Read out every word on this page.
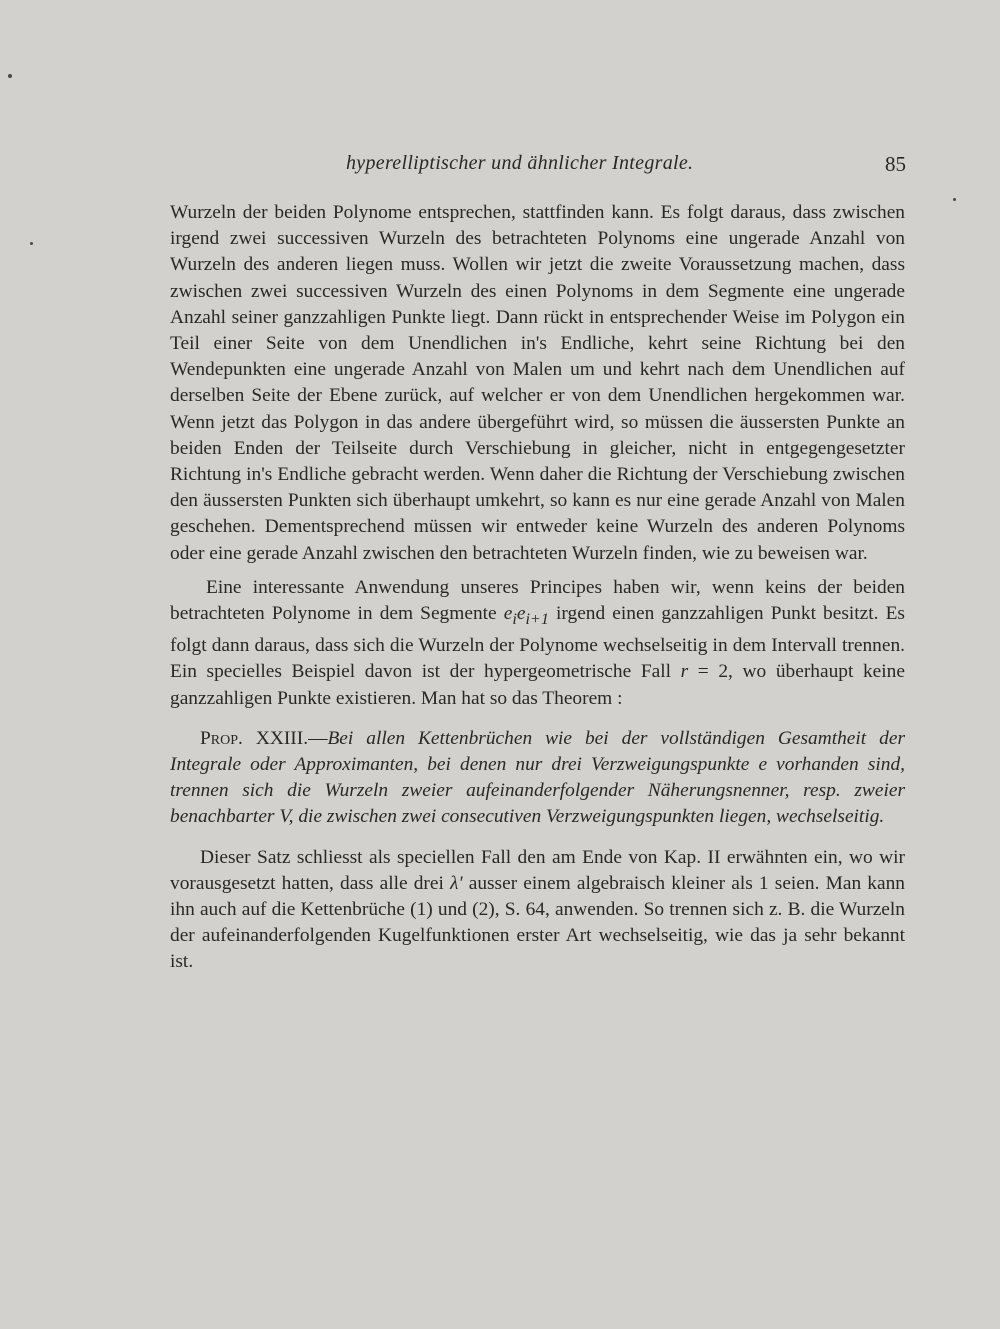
hyperelliptischer und ähnlicher Integrale.	85

Wurzeln der beiden Polynome entsprechen, stattfinden kann. Es folgt daraus, dass zwischen irgend zwei successiven Wurzeln des betrachteten Polynoms eine ungerade Anzahl von Wurzeln des anderen liegen muss. Wollen wir jetzt die zweite Voraussetzung machen, dass zwischen zwei successiven Wurzeln des einen Polynoms in dem Segmente eine ungerade Anzahl seiner ganzzahligen Punkte liegt. Dann rückt in entsprechender Weise im Polygon ein Teil einer Seite von dem Unendlichen in's Endliche, kehrt seine Richtung bei den Wendepunkten eine ungerade Anzahl von Malen um und kehrt nach dem Unendlichen auf derselben Seite der Ebene zurück, auf welcher er von dem Unendlichen hergekommen war. Wenn jetzt das Polygon in das andere übergeführt wird, so müssen die äussersten Punkte an beiden Enden der Teilseite durch Verschiebung in gleicher, nicht in entgegengesetzter Richtung in's Endliche gebracht werden. Wenn daher die Richtung der Verschiebung zwischen den äussersten Punkten sich überhaupt umkehrt, so kann es nur eine gerade Anzahl von Malen geschehen. Dementsprechend müssen wir entweder keine Wurzeln des anderen Polynoms oder eine gerade Anzahl zwischen den betrachteten Wurzeln finden, wie zu beweisen war.

Eine interessante Anwendung unseres Principes haben wir, wenn keins der beiden betrachteten Polynome in dem Segmente $e_ie_{i+1}$ irgend einen ganzzahligen Punkt besitzt. Es folgt dann daraus, dass sich die Wurzeln der Polynome wechselseitig in dem Intervall trennen. Ein specielles Beispiel davon ist der hypergeometrische Fall r = 2, wo überhaupt keine ganzzahligen Punkte existieren. Man hat so das Theorem :

Prop. XXIII.—Bei allen Kettenbrüchen wie bei der vollständigen Gesamtheit der Integrale oder Approximanten, bei denen nur drei Verzweigungspunkte e vorhanden sind, trennen sich die Wurzeln zweier aufeinanderfolgender Näherungsnenner, resp. zweier benachbarter V, die zwischen zwei consecutiven Verzweigungspunkten liegen, wechselseitig.

Dieser Satz schliesst als speciellen Fall den am Ende von Kap. II erwähnten ein, wo wir vorausgesetzt hatten, dass alle drei λ' ausser einem algebraisch kleiner als 1 seien. Man kann ihn auch auf die Kettenbrüche (1) und (2), S. 64, anwenden. So trennen sich z. B. die Wurzeln der aufeinanderfolgenden Kugelfunktionen erster Art wechselseitig, wie das ja sehr bekannt ist.
